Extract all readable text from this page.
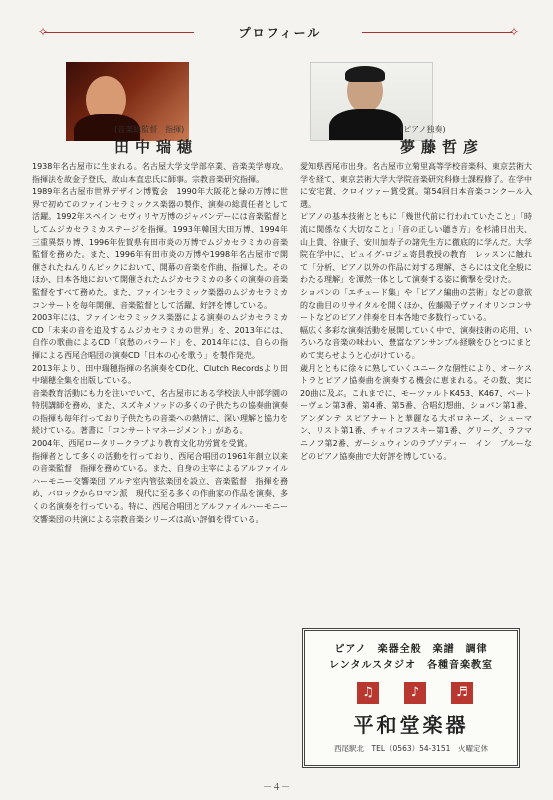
✧	プロフィール	✧
(音楽総監督　指揮)
田中瑞穂

1938年名古屋市に生まれる。名古屋大学文学部卒業、音楽美学専攻。指揮法を故金子登氏、故山本直忠氏に師事。宗教音楽研究指揮。

1989年名古屋市世界デザイン博覧会　1990年大阪花と緑の万博に世界で初めてのファインセラミックス楽器の製作、演奏の総責任者として活躍。1992年スペイン セヴィリヤ万博のジャパンデーには音楽監督としてムジカセラミカステージを指揮。1993年韓国大田万博、1994年三重異祭り博、1996年佐賀県有田市炎の万博でムジカセラミカの音楽監督を務めた。また、1996年有田市炎の万博や1998年名古屋市で開催されたねんりんピックにおいて、開幕の音楽を作曲、指揮した。そのほか、日本各地において開催されたムジカセラミカの多くの演奏の音楽監督をすべて務めた。また、ファインセラミック楽器のムジカセラミカコンサートを毎年開催、音楽監督として活躍、好評を博している。

2003年には、ファインセラミックス楽器による演奏のムジカセラミカCD「未来の音を追及するムジカセラミカの世界」を、2013年には、自作の歌曲によるCD「哀愁のバラード」を、2014年には、自らの指揮による西尾合唱団の演奏CD「日本の心を歌う」を製作発売。

2013年より、田中瑞穂指揮の名演奏をCD化、Clutch Recordsより田中瑞穂全集を出版している。

音楽教育活動にも力を注いでいて、名古屋市にある学校法人中部学園の特別講師を務め、また、スズキメソッドの多くの子供たちの協奏曲演奏の指揮も毎年行っており子供たちの音楽への熱情に、深い理解と協力を続けている。著書に「コンサートマネージメント」がある。

2004年、西尾ロータリークラブより教育文化功労賞を受賞。

指揮者として多くの活動を行っており、西尾合唱団の1961年創立以来の音楽監督　指揮を務めている。また、自身の主宰によるアルファイルハーモニー交響楽団 アルテ室内管弦楽団を設立、音楽監督　指揮を務め、バロックからロマン派　現代に至る多くの作曲家の作品を演奏、多くの名演奏を行っている。特に、西尾合唱団とアルファイルハーモニー交響楽団の共演による宗教音楽シリーズは高い評価を得ている。

(ピアノ独奏)
夢藤哲彦

愛知県西尾市出身。名古屋市立菊里高等学校音楽科、東京芸術大学を経て、東京芸術大学大学院音楽研究科修士課程修了。在学中に安宅賞、クロイツァー賞受賞。第54回日本音楽コンクール入選。

ピアノの基本技術とともに「幾世代前に行われていたこと」「時流に関係なく大切なこと」「音の正しい聴き方」を杉浦日出夫、山上貴、谷康子、安川加寿子の諸先生方に徹底的に学んだ。大学院在学中に、ピュイグ-ロジェ寄員教授の教育　レッスンに触れて「分析、ピアノ以外の作品に対する理解、さらには文化全般にわたる理解」を渾然一体として演奏する姿に衝撃を受けた。

ショパンの「エチュード集」や「ピアノ編曲の芸術」などの意欲的な曲目のリサイタルを開くほか、佐藤陽子ヴァイオリンコンサートなどのピアノ伴奏を日本各地で多数行っている。

幅広く多彩な演奏活動を展開していく中で、演奏技術の応用、いろいろな音楽の味わい、豊富なアンサンブル経験をひとつにまとめて実らせようと心がけている。

歳月とともに徐々に熟していくユニークな個性により、オーケストラとピアノ協奏曲を演奏する機会に恵まれる。その数、実に20曲に及ぶ。これまでに、モーツァルトK453、K467、ベートーヴェン第3番、第4番、第5番、合唱幻想曲、ショパン第1番、アンダンテ スピアナートと華麗なる大ポロネーズ、シューマン、リスト第1番、チャイコフスキー第1番、グリーグ、ラフマニノフ第2番、ガーシュウィンのラプソディー　イン　ブルーなどのピアノ協奏曲で大好評を博している。

ピアノ　楽器全般　楽譜　調律
レンタルスタジオ　各種音楽教室
♫	♪	♬
平和堂楽器
西尾駅北　TEL（0563）54-3151　火曜定休
－４－
